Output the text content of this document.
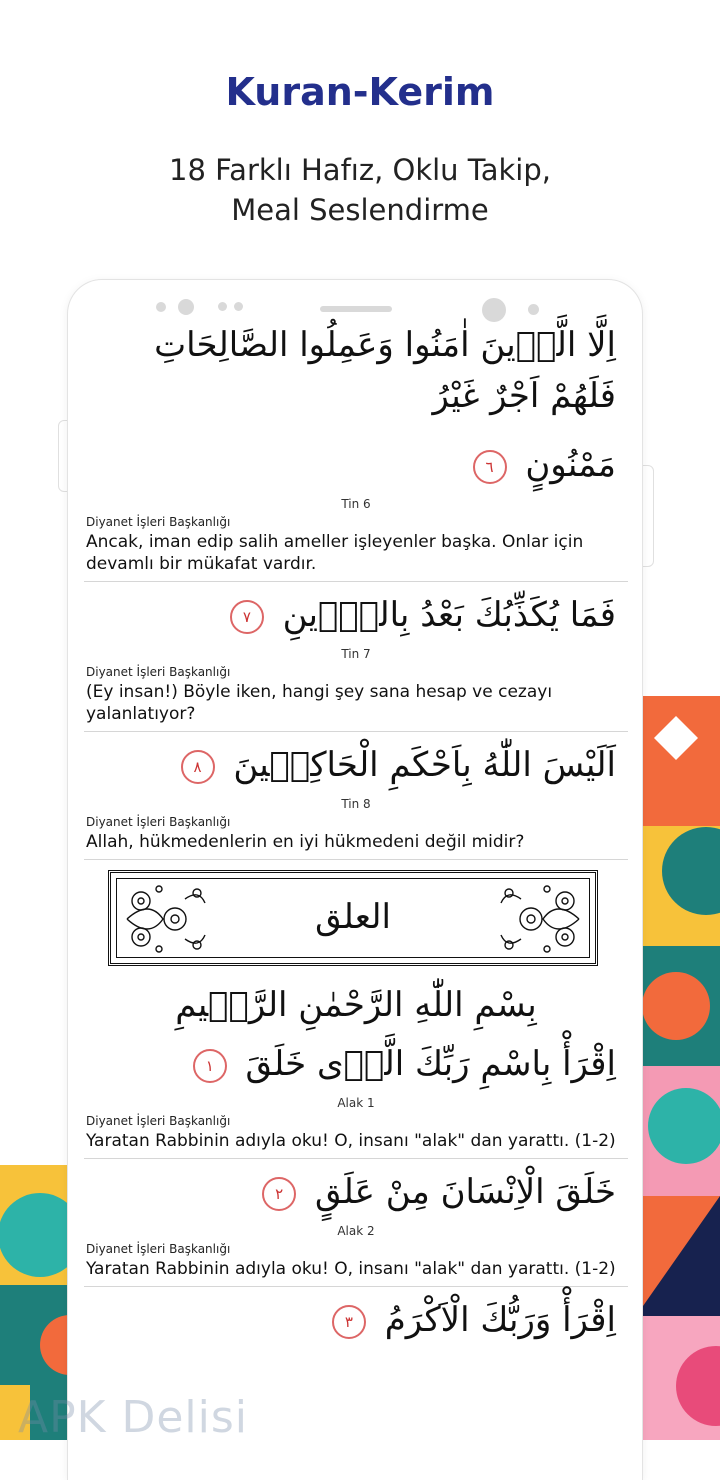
Kuran-Kerim
18 Farklı Hafız, Oklu Takip,
Meal Seslendirme
اِلَّا الَّذٖينَ اٰمَنُوا وَعَمِلُوا الصَّالِحَاتِ فَلَهُمْ اَجْرٌ غَيْرُ
مَمْنُونٍ ٦
Tin 6
Diyanet İşleri Başkanlığı
Ancak, iman edip salih ameller işleyenler başka. Onlar için devamlı bir mükafat vardır.
فَمَا يُكَذِّبُكَ بَعْدُ بِالدّٖينِ ٧
Tin 7
Diyanet İşleri Başkanlığı
(Ey insan!) Böyle iken, hangi şey sana hesap ve cezayı yalanlatıyor?
اَلَيْسَ اللّٰهُ بِاَحْكَمِ الْحَاكِمٖينَ ٨
Tin 8
Diyanet İşleri Başkanlığı
Allah, hükmedenlerin en iyi hükmedeni değil midir?
العلق
بِسْمِ اللّٰهِ الرَّحْمٰنِ الرَّحٖيمِ
اِقْرَأْ بِاسْمِ رَبِّكَ الَّذٖى خَلَقَ ١
Alak 1
Diyanet İşleri Başkanlığı
Yaratan Rabbinin adıyla oku! O, insanı "alak" dan yarattı. (1-2)
خَلَقَ الْاِنْسَانَ مِنْ عَلَقٍ ٢
Alak 2
Diyanet İşleri Başkanlığı
Yaratan Rabbinin adıyla oku! O, insanı "alak" dan yarattı. (1-2)
اِقْرَأْ وَرَبُّكَ الْاَكْرَمُ ٣
APK Delisi
